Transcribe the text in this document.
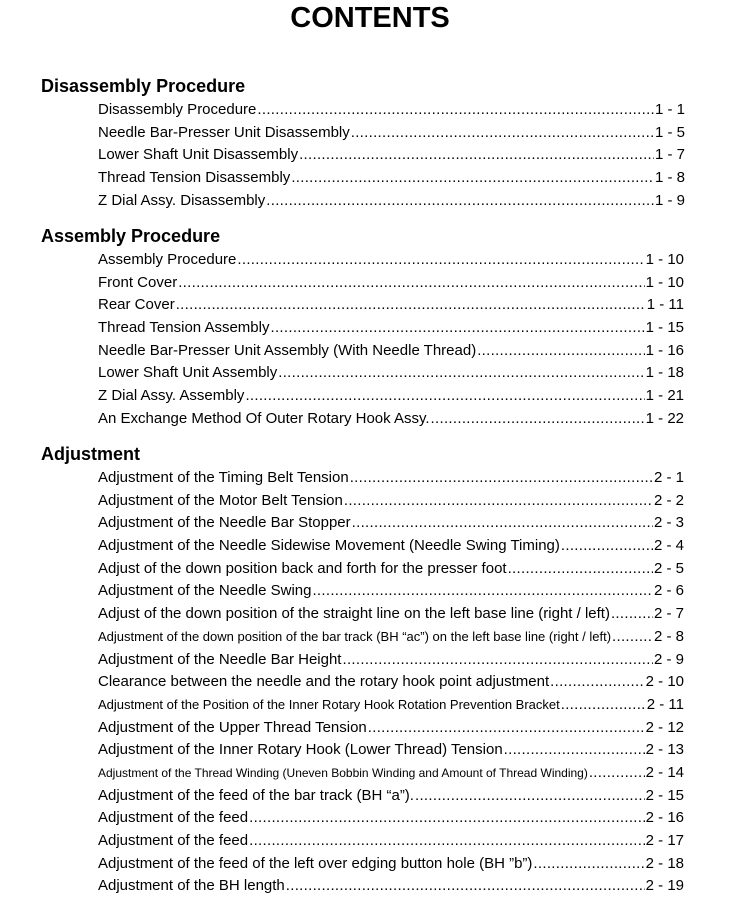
CONTENTS
Disassembly Procedure
Disassembly Procedure .....	1 - 1
Needle Bar-Presser Unit Disassembly .....	1 - 5
Lower Shaft Unit Disassembly .....	1 - 7
Thread Tension Disassembly .....	1 - 8
Z Dial Assy. Disassembly .....	1 - 9
Assembly Procedure
Assembly Procedure .....	1 - 10
Front Cover .....	1 - 10
Rear Cover .....	1 - 11
Thread Tension Assembly .....	1 - 15
Needle Bar-Presser Unit Assembly (With Needle Thread) .....	1 - 16
Lower Shaft Unit Assembly .....	1 - 18
Z Dial Assy. Assembly .....	1 - 21
An Exchange Method Of Outer Rotary Hook Assy. .....	1 - 22
Adjustment
Adjustment of the Timing Belt Tension .....	2 - 1
Adjustment of the Motor Belt Tension .....	2 - 2
Adjustment of the Needle Bar Stopper .....	2 - 3
Adjustment of the Needle Sidewise Movement (Needle Swing Timing) .....	2 - 4
Adjust of the down position back and forth for the presser foot .....	2 - 5
Adjustment of the Needle Swing .....	2 - 6
Adjust of the down position of the straight line on the left base line (right / left) .....	2 - 7
Adjustment of the down position of the bar track (BH “ac”) on the left base line (right / left) .....	2 - 8
Adjustment of the Needle Bar Height .....	2 - 9
Clearance between the needle and the rotary hook point adjustment .....	2 - 10
Adjustment of the Position of the Inner Rotary Hook Rotation Prevention Bracket .....	2 - 11
Adjustment of the Upper Thread Tension .....	2 - 12
Adjustment of the Inner Rotary Hook (Lower Thread) Tension .....	2 - 13
Adjustment of the Thread Winding (Uneven Bobbin Winding and Amount of Thread Winding) .....	2 - 14
Adjustment of the feed of the bar track (BH “a”). .....	2 - 15
Adjustment of the feed .....	2 - 16
Adjustment of the feed .....	2 - 17
Adjustment of the feed of the left over edging button hole (BH ”b”) .....	2 - 18
Adjustment of the BH length .....	2 - 19
